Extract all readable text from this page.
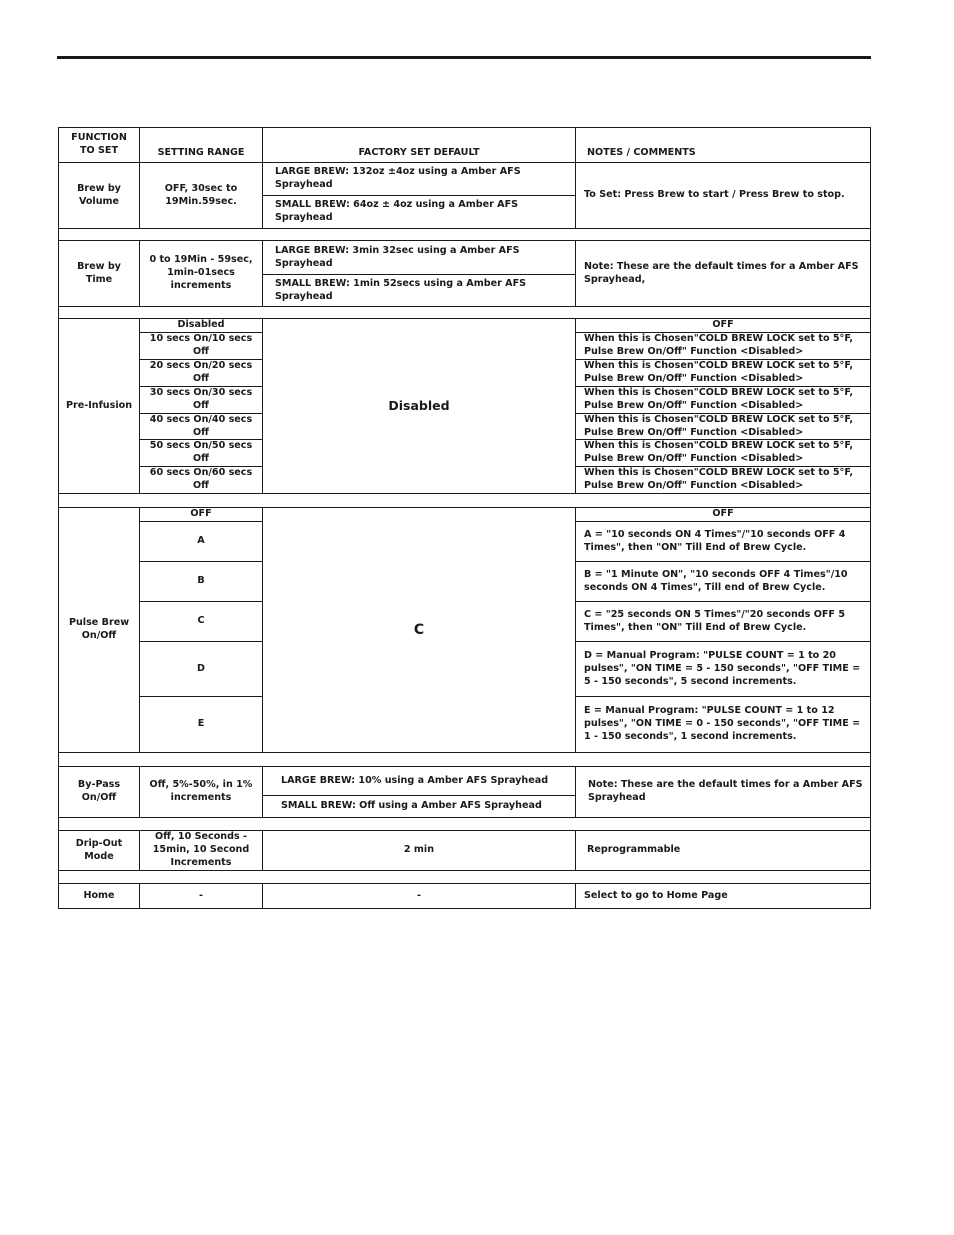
FUNCTION TO SET	SETTING RANGE	FACTORY SET DEFAULT	NOTES / COMMENTS
Brew by Volume	OFF, 30sec to 19Min.59sec.	LARGE BREW: 132oz ±4oz using a Amber AFS Sprayhead	To Set: Press Brew to start / Press Brew to stop.
		SMALL BREW: 64oz ± 4oz using a Amber AFS Sprayhead	

Brew by Time	0 to 19Min - 59sec, 1min-01secs increments	LARGE BREW: 3min 32sec using a Amber AFS Sprayhead	Note: These are the default times for a Amber AFS Sprayhead,
		SMALL BREW: 1min 52secs using a Amber AFS Sprayhead	

Pre-Infusion	Disabled	Disabled	OFF
	10 secs On/10 secs Off		When this is Chosen"COLD BREW LOCK set to 5°F, Pulse Brew On/Off" Function <Disabled>
	20 secs On/20 secs Off		When this is Chosen"COLD BREW LOCK set to 5°F, Pulse Brew On/Off" Function <Disabled>
	30 secs On/30 secs Off		When this is Chosen"COLD BREW LOCK set to 5°F, Pulse Brew On/Off" Function <Disabled>
	40 secs On/40 secs Off		When this is Chosen"COLD BREW LOCK set to 5°F, Pulse Brew On/Off" Function <Disabled>
	50 secs On/50 secs Off		When this is Chosen"COLD BREW LOCK set to 5°F, Pulse Brew On/Off" Function <Disabled>
	60 secs On/60 secs Off		When this is Chosen"COLD BREW LOCK set to 5°F, Pulse Brew On/Off" Function <Disabled>

Pulse Brew On/Off	OFF	C	OFF
	A		A = "10 seconds ON 4 Times"/"10 seconds OFF 4 Times", then "ON" Till End of Brew Cycle.
	B		B = "1 Minute ON", "10 seconds OFF 4 Times"/10 seconds ON 4 Times", Till end of Brew Cycle.
	C		C = "25 seconds ON 5 Times"/"20 seconds OFF 5 Times", then "ON" Till End of Brew Cycle.
	D		D = Manual Program: "PULSE COUNT = 1 to 20 pulses", "ON TIME = 5 - 150 seconds", "OFF TIME = 5 - 150 seconds", 5 second increments.
	E		E = Manual Program: "PULSE COUNT = 1 to 12 pulses", "ON TIME = 0 - 150 seconds", "OFF TIME = 1 - 150 seconds", 1 second increments.

By-Pass On/Off	Off, 5%-50%, in 1% increments	LARGE BREW: 10% using a Amber AFS Sprayhead	Note: These are the default times for a Amber AFS Sprayhead
		SMALL BREW: Off using a Amber AFS Sprayhead	

Drip-Out Mode	Off, 10 Seconds - 15min, 10 Second Increments	2 min	Reprogrammable

Home	-	-	Select to go to Home Page
